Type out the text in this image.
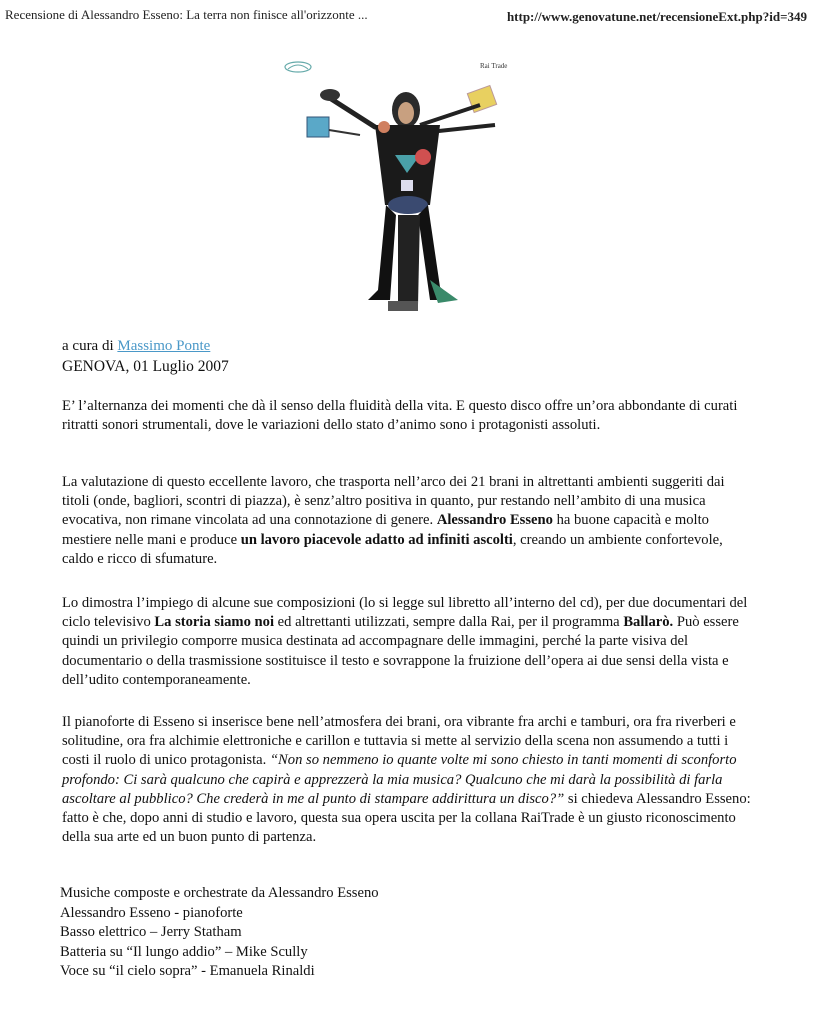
Recensione di Alessandro Esseno: La terra non finisce all'orizzonte ...	http://www.genovatune.net/recensioneExt.php?id=349
Rai Trade
a cura di Massimo Ponte
GENOVA, 01 Luglio 2007
E’ l’alternanza dei momenti che dà il senso della fluidità della vita. E questo disco offre un’ora abbondante di curati ritratti sonori strumentali, dove le variazioni dello stato d’animo sono i protagonisti assoluti.
La valutazione di questo eccellente lavoro, che trasporta nell’arco dei 21 brani in altrettanti ambienti suggeriti dai titoli (onde, bagliori, scontri di piazza), è senz’altro positiva in quanto, pur restando nell’ambito di una musica evocativa, non rimane vincolata ad una connotazione di genere. Alessandro Esseno ha buone capacità e molto mestiere nelle mani e produce un lavoro piacevole adatto ad infiniti ascolti, creando un ambiente confortevole, caldo e ricco di sfumature.
Lo dimostra l’impiego di alcune sue composizioni (lo si legge sul libretto all’interno del cd), per due documentari del ciclo televisivo La storia siamo noi ed altrettanti utilizzati, sempre dalla Rai, per il programma Ballarò. Può essere quindi un privilegio comporre musica destinata ad accompagnare delle immagini, perché la parte visiva del documentario o della trasmissione sostituisce il testo e sovrappone la fruizione dell’opera ai due sensi della vista e dell’udito contemporaneamente.
Il pianoforte di Esseno si inserisce bene nell’atmosfera dei brani, ora vibrante fra archi e tamburi, ora fra riverberi e solitudine, ora fra alchimie elettroniche e carillon e tuttavia si mette al servizio della scena non assumendo a tutti i costi il ruolo di unico protagonista. “Non so nemmeno io quante volte mi sono chiesto in tanti momenti di sconforto profondo: Ci sarà qualcuno che capirà e apprezzerà la mia musica? Qualcuno che mi darà la possibilità di farla ascoltare al pubblico? Che crederà in me al punto di stampare addirittura un disco?” si chiedeva Alessandro Esseno: fatto è che, dopo anni di studio e lavoro, questa sua opera uscita per la collana RaiTrade è un giusto riconoscimento della sua arte ed un buon punto di partenza.
Musiche composte e orchestrate da Alessandro Esseno
Alessandro Esseno - pianoforte
Basso elettrico – Jerry Statham
Batteria su “Il lungo addio” – Mike Scully
Voce su “il cielo sopra” - Emanuela Rinaldi
